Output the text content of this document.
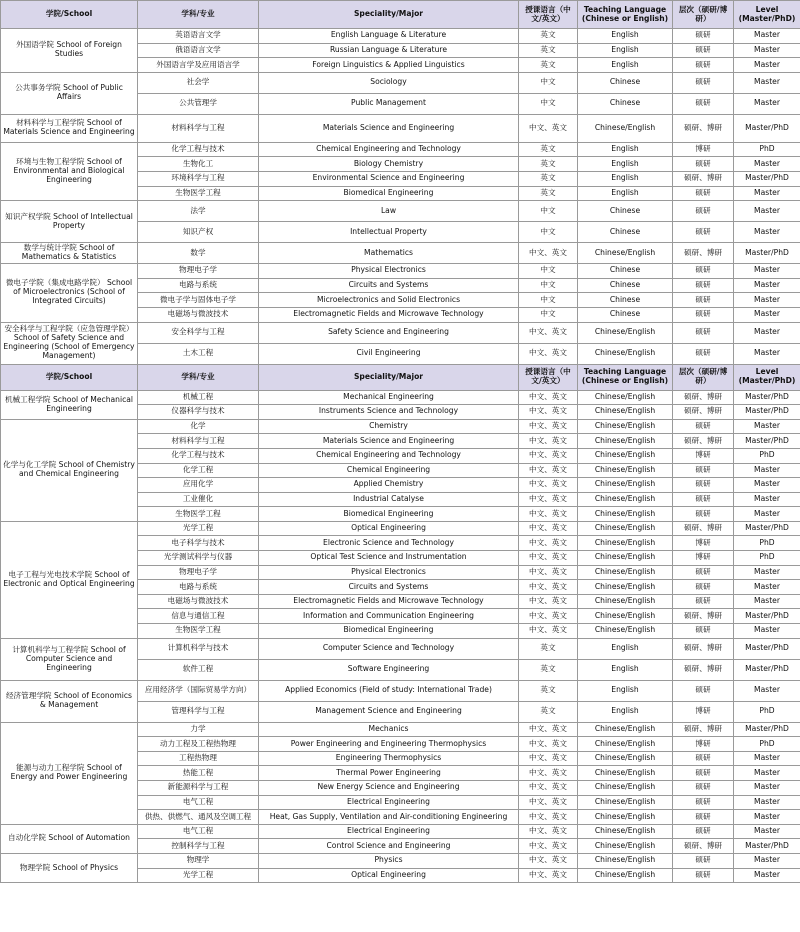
学院/School	学科/专业	Speciality/Major	授课语言（中文/英文）	Teaching Language (Chinese or English)	层次（硕研/博研）	Level (Master/PhD)
外国语学院 School of Foreign Studies	英语语言文学	English Language & Literature	英文	English	硕研	Master
	俄语语言文学	Russian Language & Literature	英文	English	硕研	Master
	外国语言学及应用语言学	Foreign Linguistics & Applied Linguistics	英文	English	硕研	Master
公共事务学院 School of Public Affairs	社会学	Sociology	中文	Chinese	硕研	Master
	公共管理学	Public Management	中文	Chinese	硕研	Master
材料科学与工程学院 School of Materials Science and Engineering	材料科学与工程	Materials Science and Engineering	中文、英文	Chinese/English	硕研、博研	Master/PhD
环境与生物工程学院 School of Environmental and Biological Engineering	化学工程与技术	Chemical Engineering and Technology	英文	English	博研	PhD
	生物化工	Biology Chemistry	英文	English	硕研	Master
	环境科学与工程	Environmental Science and Engineering	英文	English	硕研、博研	Master/PhD
	生物医学工程	Biomedical Engineering	英文	English	硕研	Master
知识产权学院 School of Intellectual Property	法学	Law	中文	Chinese	硕研	Master
	知识产权	Intellectual Property	中文	Chinese	硕研	Master
数学与统计学院 School of Mathematics & Statistics	数学	Mathematics	中文、英文	Chinese/English	硕研、博研	Master/PhD
微电子学院（集成电路学院） School of Microelectronics (School of Integrated Circuits)	物理电子学	Physical Electronics	中文	Chinese	硕研	Master
	电路与系统	Circuits and Systems	中文	Chinese	硕研	Master
	微电子学与固体电子学	Microelectronics and Solid Electronics	中文	Chinese	硕研	Master
	电磁场与微波技术	Electromagnetic Fields and Microwave Technology	中文	Chinese	硕研	Master
安全科学与工程学院（应急管理学院） School of Safety Science and Engineering (School of Emergency Management)	安全科学与工程	Safety Science and Engineering	中文、英文	Chinese/English	硕研	Master
	土木工程	Civil Engineering	中文、英文	Chinese/English	硕研	Master
学院/School	学科/专业	Speciality/Major	授课语言（中文/英文）	Teaching Language (Chinese or English)	层次（硕研/博研）	Level (Master/PhD)
机械工程学院 School of Mechanical Engineering	机械工程	Mechanical Engineering	中文、英文	Chinese/English	硕研、博研	Master/PhD
	仪器科学与技术	Instruments Science and Technology	中文、英文	Chinese/English	硕研、博研	Master/PhD
化学与化工学院 School of Chemistry and Chemical Engineering	化学	Chemistry	中文、英文	Chinese/English	硕研	Master
	材料科学与工程	Materials Science and Engineering	中文、英文	Chinese/English	硕研、博研	Master/PhD
	化学工程与技术	Chemical Engineering and Technology	中文、英文	Chinese/English	博研	PhD
	化学工程	Chemical Engineering	中文、英文	Chinese/English	硕研	Master
	应用化学	Applied Chemistry	中文、英文	Chinese/English	硕研	Master
	工业催化	Industrial Catalyse	中文、英文	Chinese/English	硕研	Master
	生物医学工程	Biomedical Engineering	中文、英文	Chinese/English	硕研	Master
电子工程与光电技术学院 School of Electronic and Optical Engineering	光学工程	Optical Engineering	中文、英文	Chinese/English	硕研、博研	Master/PhD
	电子科学与技术	Electronic Science and Technology	中文、英文	Chinese/English	博研	PhD
	光学测试科学与仪器	Optical Test Science and Instrumentation	中文、英文	Chinese/English	博研	PhD
	物理电子学	Physical Electronics	中文、英文	Chinese/English	硕研	Master
	电路与系统	Circuits and Systems	中文、英文	Chinese/English	硕研	Master
	电磁场与微波技术	Electromagnetic Fields and Microwave Technology	中文、英文	Chinese/English	硕研	Master
	信息与通信工程	Information and Communication Engineering	中文、英文	Chinese/English	硕研、博研	Master/PhD
	生物医学工程	Biomedical Engineering	中文、英文	Chinese/English	硕研	Master
计算机科学与工程学院 School of Computer Science and Engineering	计算机科学与技术	Computer Science and Technology	英文	English	硕研、博研	Master/PhD
	软件工程	Software Engineering	英文	English	硕研、博研	Master/PhD
经济管理学院 School of Economics & Management	应用经济学（国际贸易学方向）	Applied Economics (Field of study: International Trade)	英文	English	硕研	Master
	管理科学与工程	Management Science and Engineering	英文	English	博研	PhD
能源与动力工程学院 School of Energy and Power Engineering	力学	Mechanics	中文、英文	Chinese/English	硕研、博研	Master/PhD
	动力工程及工程热物理	Power Engineering and Engineering Thermophysics	中文、英文	Chinese/English	博研	PhD
	工程热物理	Engineering Thermophysics	中文、英文	Chinese/English	硕研	Master
	热能工程	Thermal Power Engineering	中文、英文	Chinese/English	硕研	Master
	新能源科学与工程	New Energy Science and Engineering	中文、英文	Chinese/English	硕研	Master
	电气工程	Electrical Engineering	中文、英文	Chinese/English	硕研	Master
	供热、供燃气、通风及空调工程	Heat, Gas Supply, Ventilation and Air-conditioning Engineering	中文、英文	Chinese/English	硕研	Master
自动化学院 School of Automation	电气工程	Electrical Engineering	中文、英文	Chinese/English	硕研	Master
	控制科学与工程	Control Science and Engineering	中文、英文	Chinese/English	硕研、博研	Master/PhD
物理学院 School of Physics	物理学	Physics	中文、英文	Chinese/English	硕研	Master
	光学工程	Optical Engineering	中文、英文	Chinese/English	硕研	Master
